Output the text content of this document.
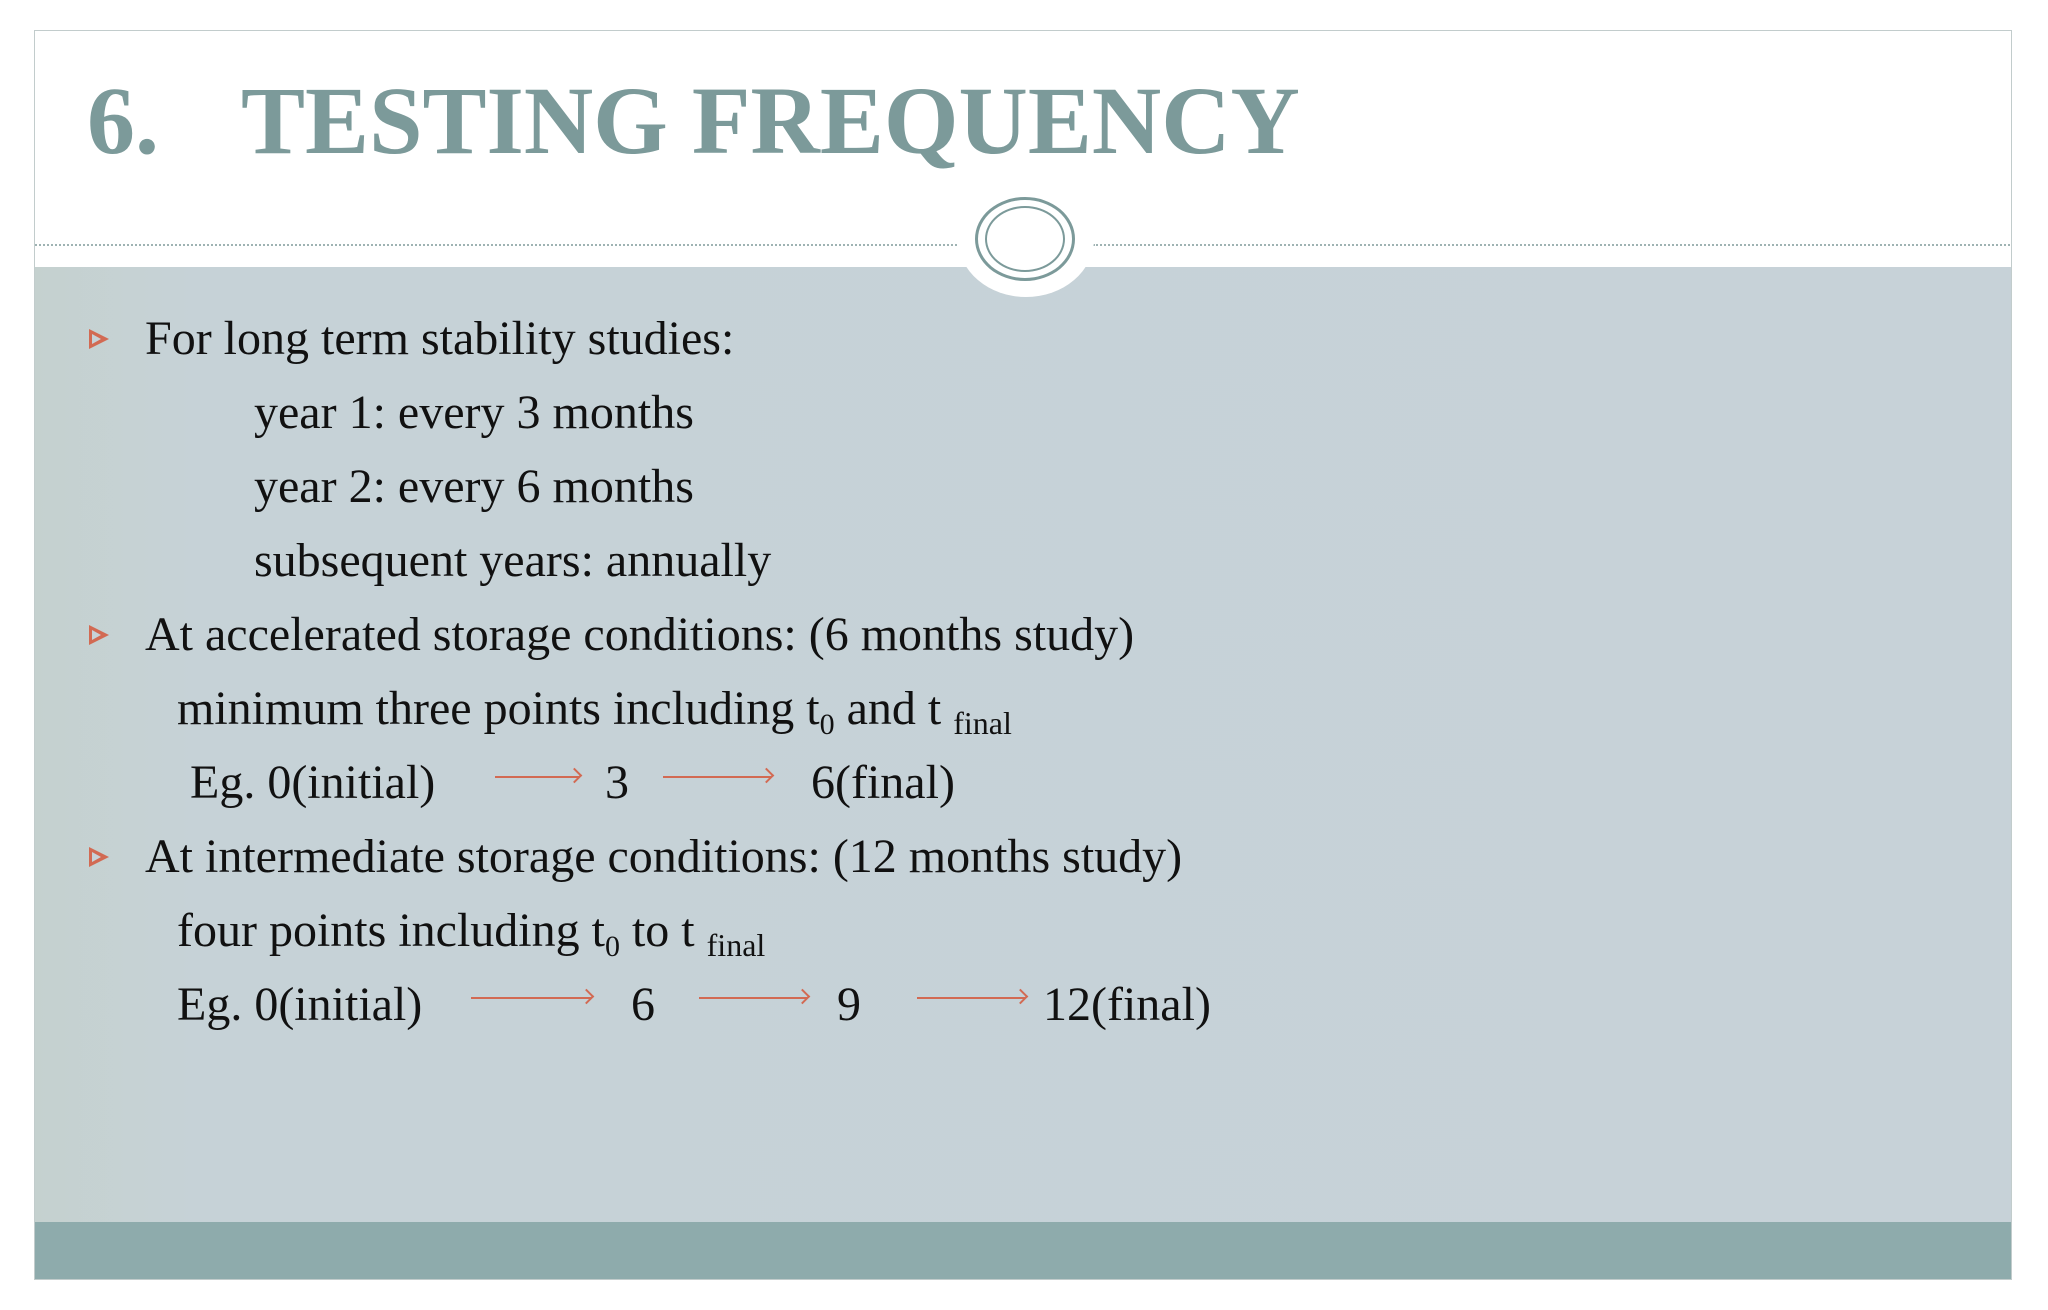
6. TESTING FREQUENCY
For long term stability studies:
year 1: every 3 months
year 2: every 6 months
subsequent years: annually
At accelerated storage conditions: (6 months study)
minimum three points including $t_0$ and t $_{final}$
Eg. 0(initial)	3	6(final)
At intermediate storage conditions: (12 months study)
four points including $t_0$ to t $_{final}$
Eg. 0(initial)	6	9	12(final)
